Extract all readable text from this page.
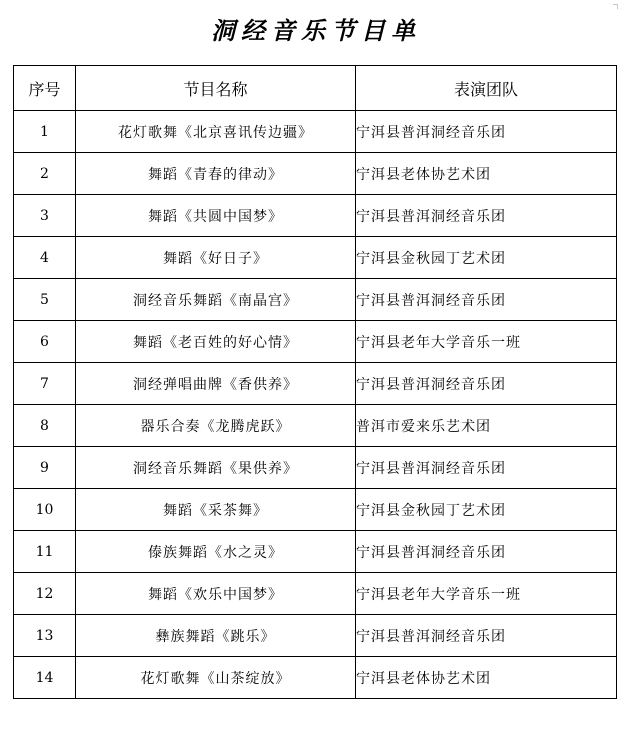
洞经音乐节目单
序号	节目名称	表演团队
1	花灯歌舞《北京喜讯传边疆》	宁洱县普洱洞经音乐团
2	舞蹈《青春的律动》	宁洱县老体协艺术团
3	舞蹈《共圆中国梦》	宁洱县普洱洞经音乐团
4	舞蹈《好日子》	宁洱县金秋园丁艺术团
5	洞经音乐舞蹈《南晶宫》	宁洱县普洱洞经音乐团
6	舞蹈《老百姓的好心情》	宁洱县老年大学音乐一班
7	洞经弹唱曲牌《香供养》	宁洱县普洱洞经音乐团
8	器乐合奏《龙腾虎跃》	普洱市爱来乐艺术团
9	洞经音乐舞蹈《果供养》	宁洱县普洱洞经音乐团
10	舞蹈《采茶舞》	宁洱县金秋园丁艺术团
11	傣族舞蹈《水之灵》	宁洱县普洱洞经音乐团
12	舞蹈《欢乐中国梦》	宁洱县老年大学音乐一班
13	彝族舞蹈《跳乐》	宁洱县普洱洞经音乐团
14	花灯歌舞《山茶绽放》	宁洱县老体协艺术团
